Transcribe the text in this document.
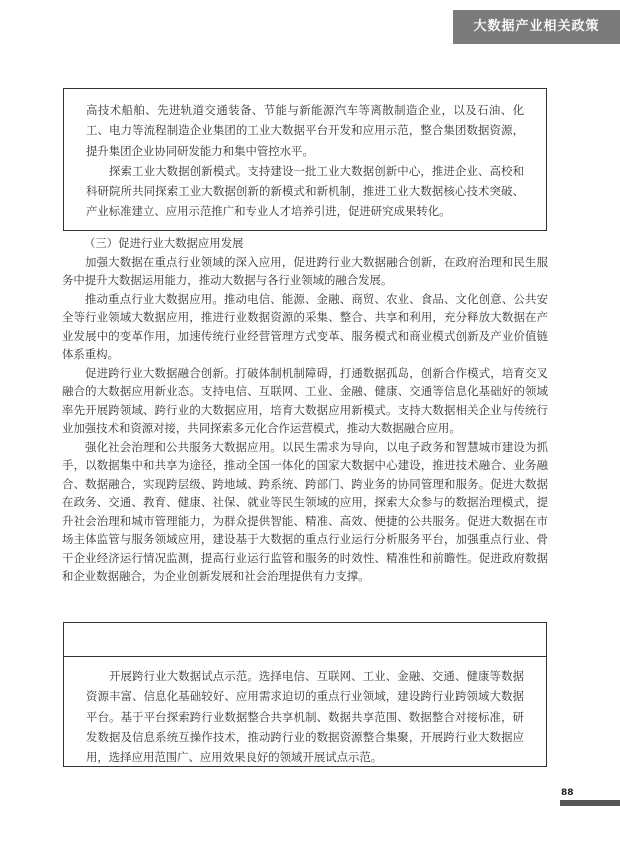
大数据产业相关政策

高技术船舶、先进轨道交通装备、节能与新能源汽车等离散制造企业，以及石油、化工、电力等流程制造企业集团的工业大数据平台开发和应用示范，整合集团数据资源，提升集团企业协同研发能力和集中管控水平。

探索工业大数据创新模式。支持建设一批工业大数据创新中心，推进企业、高校和科研院所共同探索工业大数据创新的新模式和新机制，推进工业大数据核心技术突破、产业标准建立、应用示范推广和专业人才培养引进，促进研究成果转化。

（三）促进行业大数据应用发展

加强大数据在重点行业领域的深入应用，促进跨行业大数据融合创新，在政府治理和民生服务中提升大数据运用能力，推动大数据与各行业领域的融合发展。

推动重点行业大数据应用。推动电信、能源、金融、商贸、农业、食品、文化创意、公共安全等行业领域大数据应用，推进行业数据资源的采集、整合、共享和利用，充分释放大数据在产业发展中的变革作用，加速传统行业经营管理方式变革、服务模式和商业模式创新及产业价值链体系重构。

促进跨行业大数据融合创新。打破体制机制障碍，打通数据孤岛，创新合作模式，培育交叉融合的大数据应用新业态。支持电信、互联网、工业、金融、健康、交通等信息化基础好的领域率先开展跨领域、跨行业的大数据应用，培育大数据应用新模式。支持大数据相关企业与传统行业加强技术和资源对接，共同探索多元化合作运营模式，推动大数据融合应用。

强化社会治理和公共服务大数据应用。以民生需求为导向，以电子政务和智慧城市建设为抓手，以数据集中和共享为途径，推动全国一体化的国家大数据中心建设，推进技术融合、业务融合、数据融合，实现跨层级、跨地域、跨系统、跨部门、跨业务的协同管理和服务。促进大数据在政务、交通、教育、健康、社保、就业等民生领域的应用，探索大众参与的数据治理模式，提升社会治理和城市管理能力，为群众提供智能、精准、高效、便捷的公共服务。促进大数据在市场主体监管与服务领域应用，建设基于大数据的重点行业运行分析服务平台，加强重点行业、骨干企业经济运行情况监测，提高行业运行监管和服务的时效性、精准性和前瞻性。促进政府数据和企业数据融合，为企业创新发展和社会治理提供有力支撑。

开展跨行业大数据试点示范。选择电信、互联网、工业、金融、交通、健康等数据资源丰富、信息化基础较好、应用需求迫切的重点行业领域，建设跨行业跨领域大数据平台。基于平台探索跨行业数据整合共享机制、数据共享范围、数据整合对接标准，研发数据及信息系统互操作技术，推动跨行业的数据资源整合集聚，开展跨行业大数据应用，选择应用范围广、应用效果良好的领域开展试点示范。

88
